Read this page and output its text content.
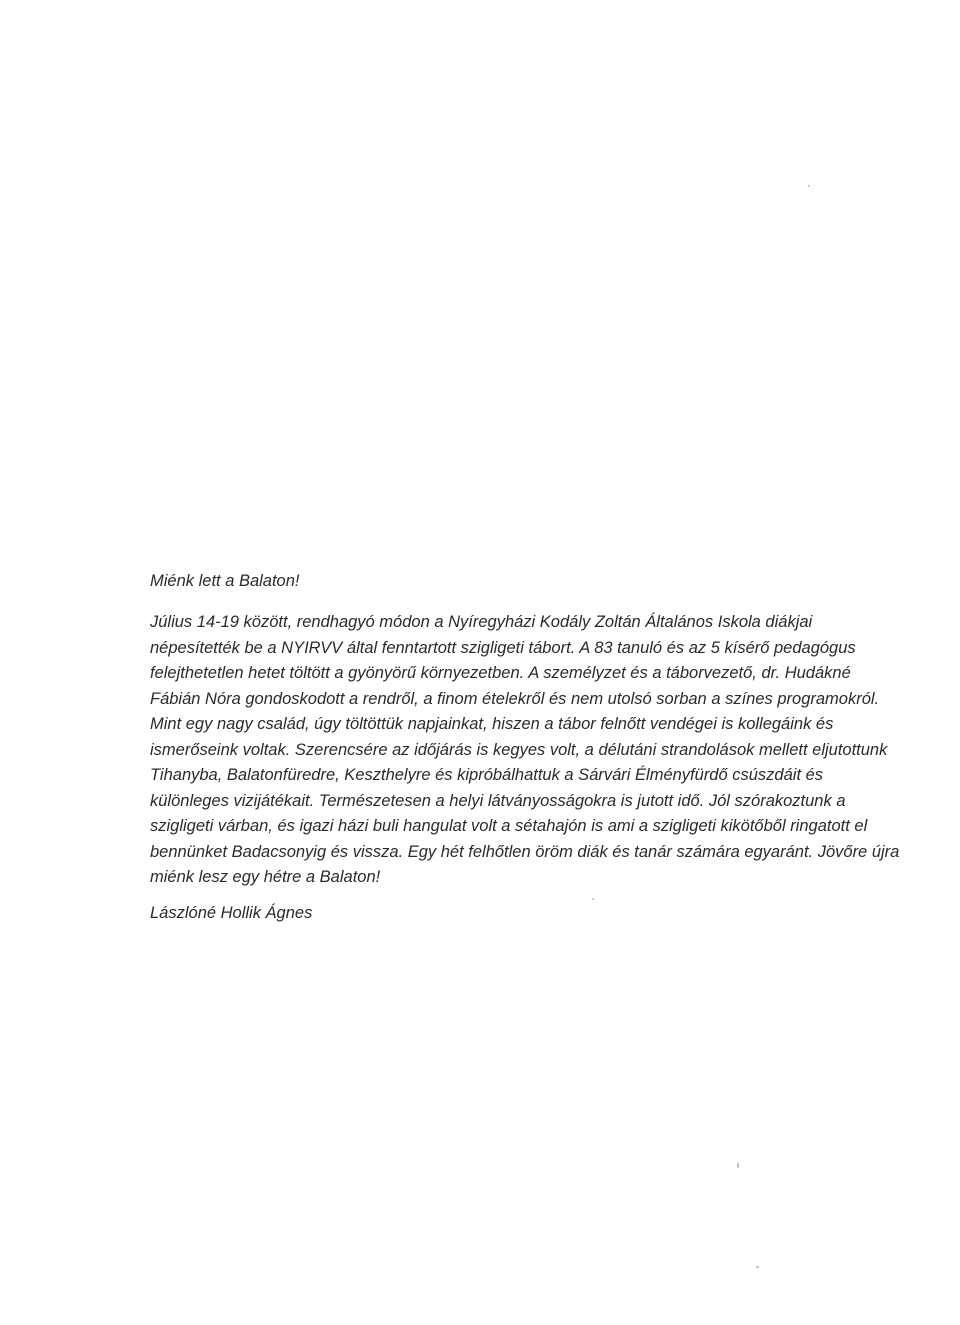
Miénk lett a Balaton!

Július 14-19 között, rendhagyó módon a Nyíregyházi Kodály Zoltán Általános Iskola diákjai
népesítették be a NYIRVV által fenntartott szigligeti tábort. A 83 tanuló és az 5 kísérő pedagógus
felejthetetlen hetet töltött a gyönyörű környezetben. A személyzet és a táborvezető, dr. Hudákné
Fábián Nóra gondoskodott a rendről, a finom ételekről és nem utolsó sorban a színes programokról.
Mint egy nagy család, úgy töltöttük napjainkat, hiszen a tábor felnőtt vendégei is kollegáink és
ismerőseink voltak. Szerencsére az időjárás is kegyes volt, a délutáni strandolások mellett eljutottunk
Tihanyba, Balatonfüredre, Keszthelyre és kipróbálhattuk a Sárvári Élményfürdő csúszdáit és
különleges vizijátékait. Természetesen a helyi látványosságokra is jutott idő. Jól szórakoztunk a
szigligeti várban, és igazi házi buli hangulat volt a sétahajón is ami a szigligeti kikötőből ringatott el
bennünket Badacsonyig és vissza. Egy hét felhőtlen öröm diák és tanár számára egyaránt. Jövőre újra
miénk lesz egy hétre a Balaton!

Lászlóné Hollik Ágnes
